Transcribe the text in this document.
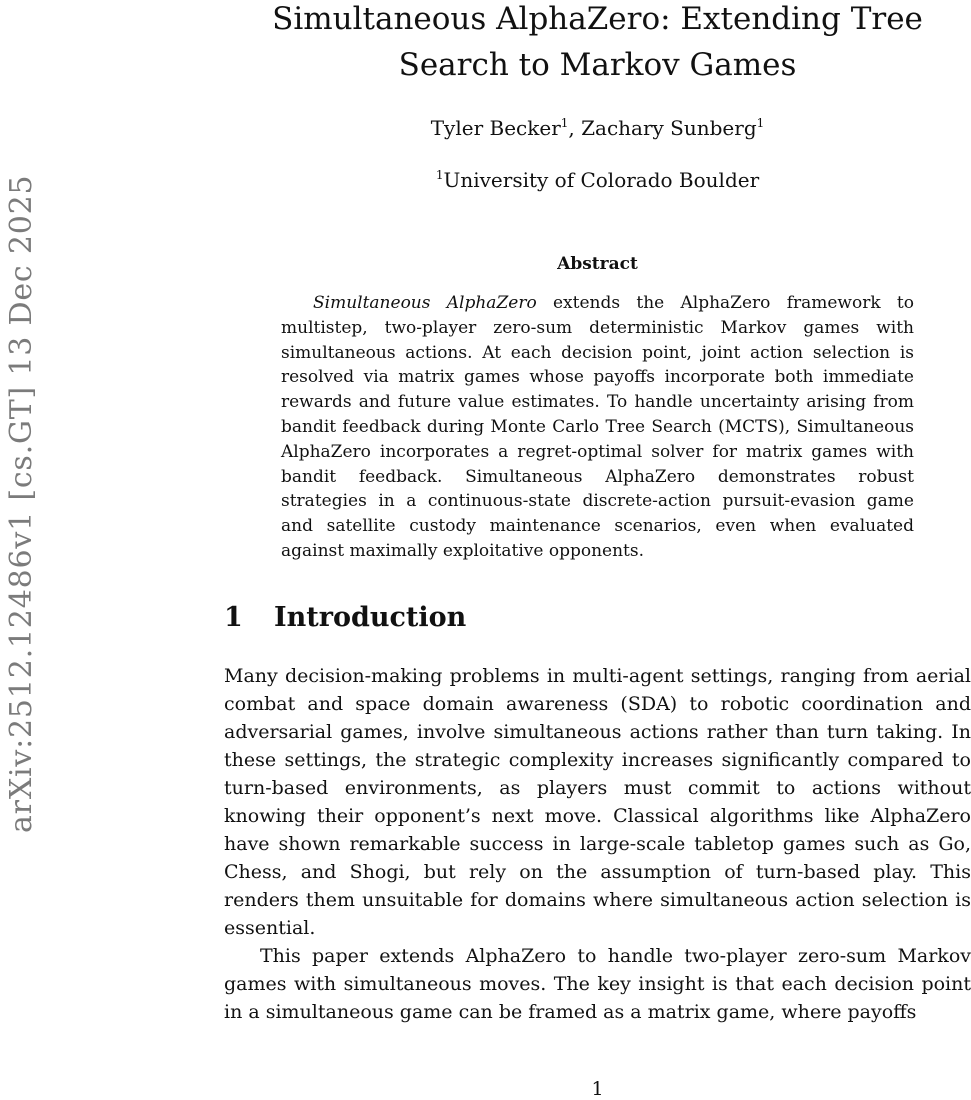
arXiv:2512.12486v1 [cs.GT] 13 Dec 2025
Simultaneous AlphaZero: Extending Tree Search to Markov Games
Tyler Becker$^1$, Zachary Sunberg$^1$
$^1$University of Colorado Boulder
Abstract

Simultaneous AlphaZero extends the AlphaZero framework to multistep, two-player zero-sum deterministic Markov games with simultaneous actions. At each decision point, joint action selection is resolved via matrix games whose payoffs incorporate both immediate rewards and future value estimates. To handle uncertainty arising from bandit feedback during Monte Carlo Tree Search (MCTS), Simultaneous AlphaZero incorporates a regret-optimal solver for matrix games with bandit feedback. Simultaneous AlphaZero demonstrates robust strategies in a continuous-state discrete-action pursuit-evasion game and satellite custody maintenance scenarios, even when evaluated against maximally exploitative opponents.

1 Introduction

Many decision-making problems in multi-agent settings, ranging from aerial combat and space domain awareness (SDA) to robotic coordination and adversarial games, involve simultaneous actions rather than turn taking. In these settings, the strategic complexity increases significantly compared to turn-based environments, as players must commit to actions without knowing their opponent’s next move. Classical algorithms like AlphaZero have shown remarkable success in large-scale tabletop games such as Go, Chess, and Shogi, but rely on the assumption of turn-based play. This renders them unsuitable for domains where simultaneous action selection is essential.

This paper extends AlphaZero to handle two-player zero-sum Markov games with simultaneous moves. The key insight is that each decision point in a simultaneous game can be framed as a matrix game, where payoffs

1
